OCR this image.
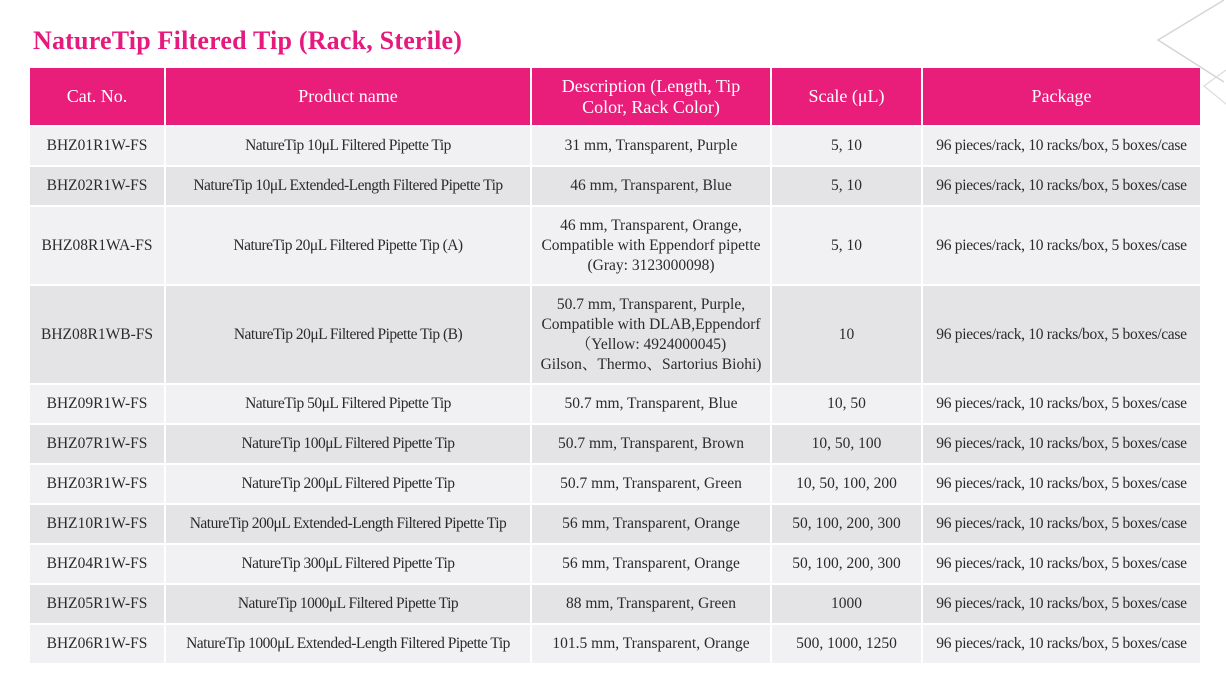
NatureTip Filtered Tip (Rack, Sterile)
Cat. No.	Product name	Description (Length, Tip Color, Rack Color)	Scale (μL)	Package
BHZ01R1W-FS	NatureTip 10μL Filtered Pipette Tip	31 mm, Transparent, Purple	5, 10	96 pieces/rack, 10 racks/box, 5 boxes/case
BHZ02R1W-FS	NatureTip 10μL Extended-Length Filtered Pipette Tip	46 mm, Transparent, Blue	5, 10	96 pieces/rack, 10 racks/box, 5 boxes/case
BHZ08R1WA-FS	NatureTip 20μL Filtered Pipette Tip (A)	46 mm, Transparent, Orange,
Compatible with Eppendorf pipette
(Gray: 3123000098)	5, 10	96 pieces/rack, 10 racks/box, 5 boxes/case
BHZ08R1WB-FS	NatureTip 20μL Filtered Pipette Tip (B)	50.7 mm, Transparent, Purple,
Compatible with DLAB,Eppendorf
（Yellow: 4924000045)
Gilson、Thermo、Sartorius Biohi)	10	96 pieces/rack, 10 racks/box, 5 boxes/case
BHZ09R1W-FS	NatureTip 50μL Filtered Pipette Tip	50.7 mm, Transparent, Blue	10, 50	96 pieces/rack, 10 racks/box, 5 boxes/case
BHZ07R1W-FS	NatureTip 100μL Filtered Pipette Tip	50.7 mm, Transparent, Brown	10, 50, 100	96 pieces/rack, 10 racks/box, 5 boxes/case
BHZ03R1W-FS	NatureTip 200μL Filtered Pipette Tip	50.7 mm, Transparent, Green	10, 50, 100, 200	96 pieces/rack, 10 racks/box, 5 boxes/case
BHZ10R1W-FS	NatureTip 200μL Extended-Length Filtered Pipette Tip	56 mm, Transparent, Orange	50, 100, 200, 300	96 pieces/rack, 10 racks/box, 5 boxes/case
BHZ04R1W-FS	NatureTip 300μL Filtered Pipette Tip	56 mm, Transparent, Orange	50, 100, 200, 300	96 pieces/rack, 10 racks/box, 5 boxes/case
BHZ05R1W-FS	NatureTip 1000μL Filtered Pipette Tip	88 mm, Transparent, Green	1000	96 pieces/rack, 10 racks/box, 5 boxes/case
BHZ06R1W-FS	NatureTip 1000μL Extended-Length Filtered Pipette Tip	101.5 mm, Transparent, Orange	500, 1000, 1250	96 pieces/rack, 10 racks/box, 5 boxes/case
